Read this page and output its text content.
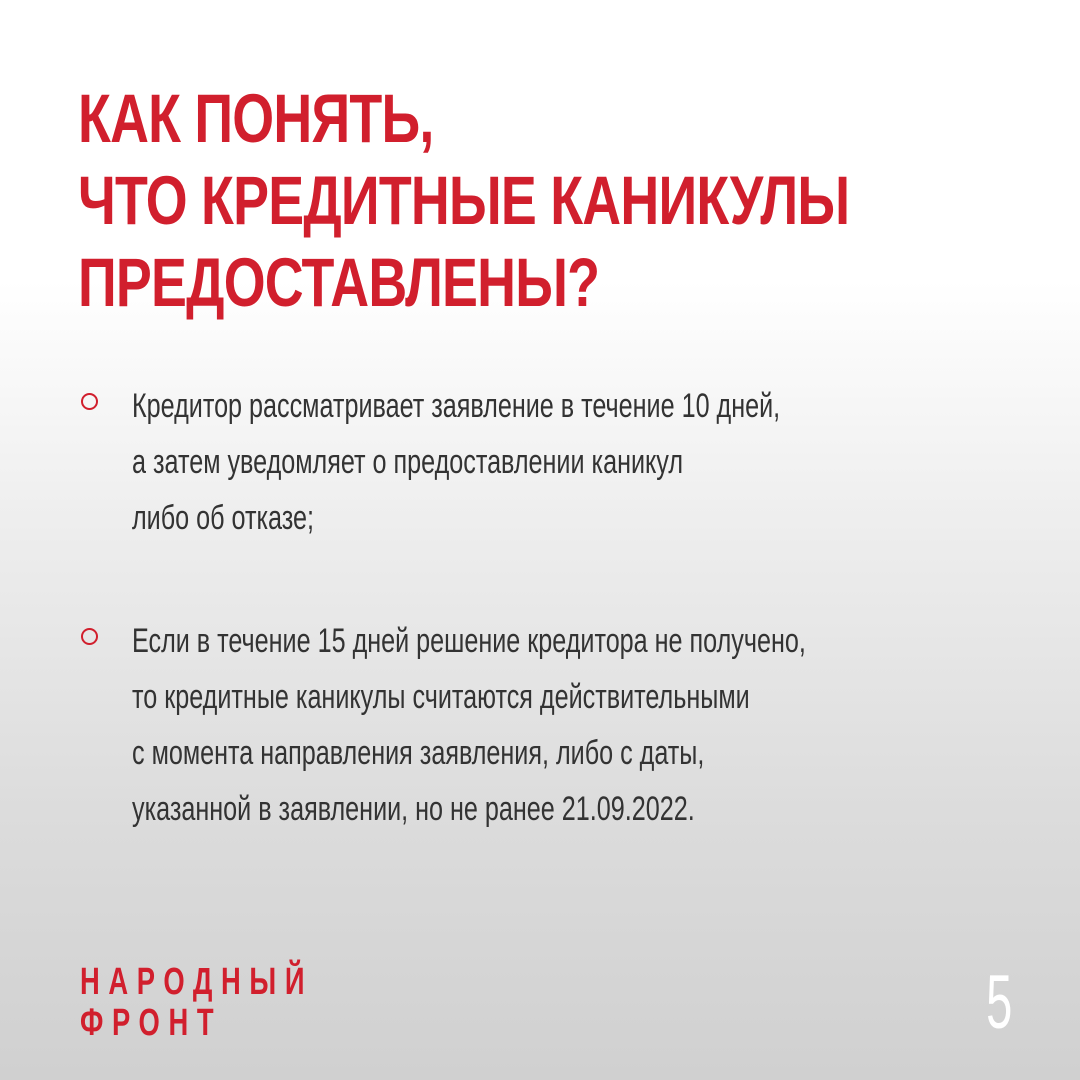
КАК ПОНЯТЬ,
ЧТО КРЕДИТНЫЕ КАНИКУЛЫ
ПРЕДОСТАВЛЕНЫ?
Кредитор рассматривает заявление в течение 10 дней,
а затем уведомляет о предоставлении каникул
либо об отказе;
Если в течение 15 дней решение кредитора не получено,
то кредитные каникулы считаются действительными
с момента направления заявления, либо с даты,
указанной в заявлении, но не ранее 21.09.2022.
НАРОДНЫЙ
ФРОНТ	5
